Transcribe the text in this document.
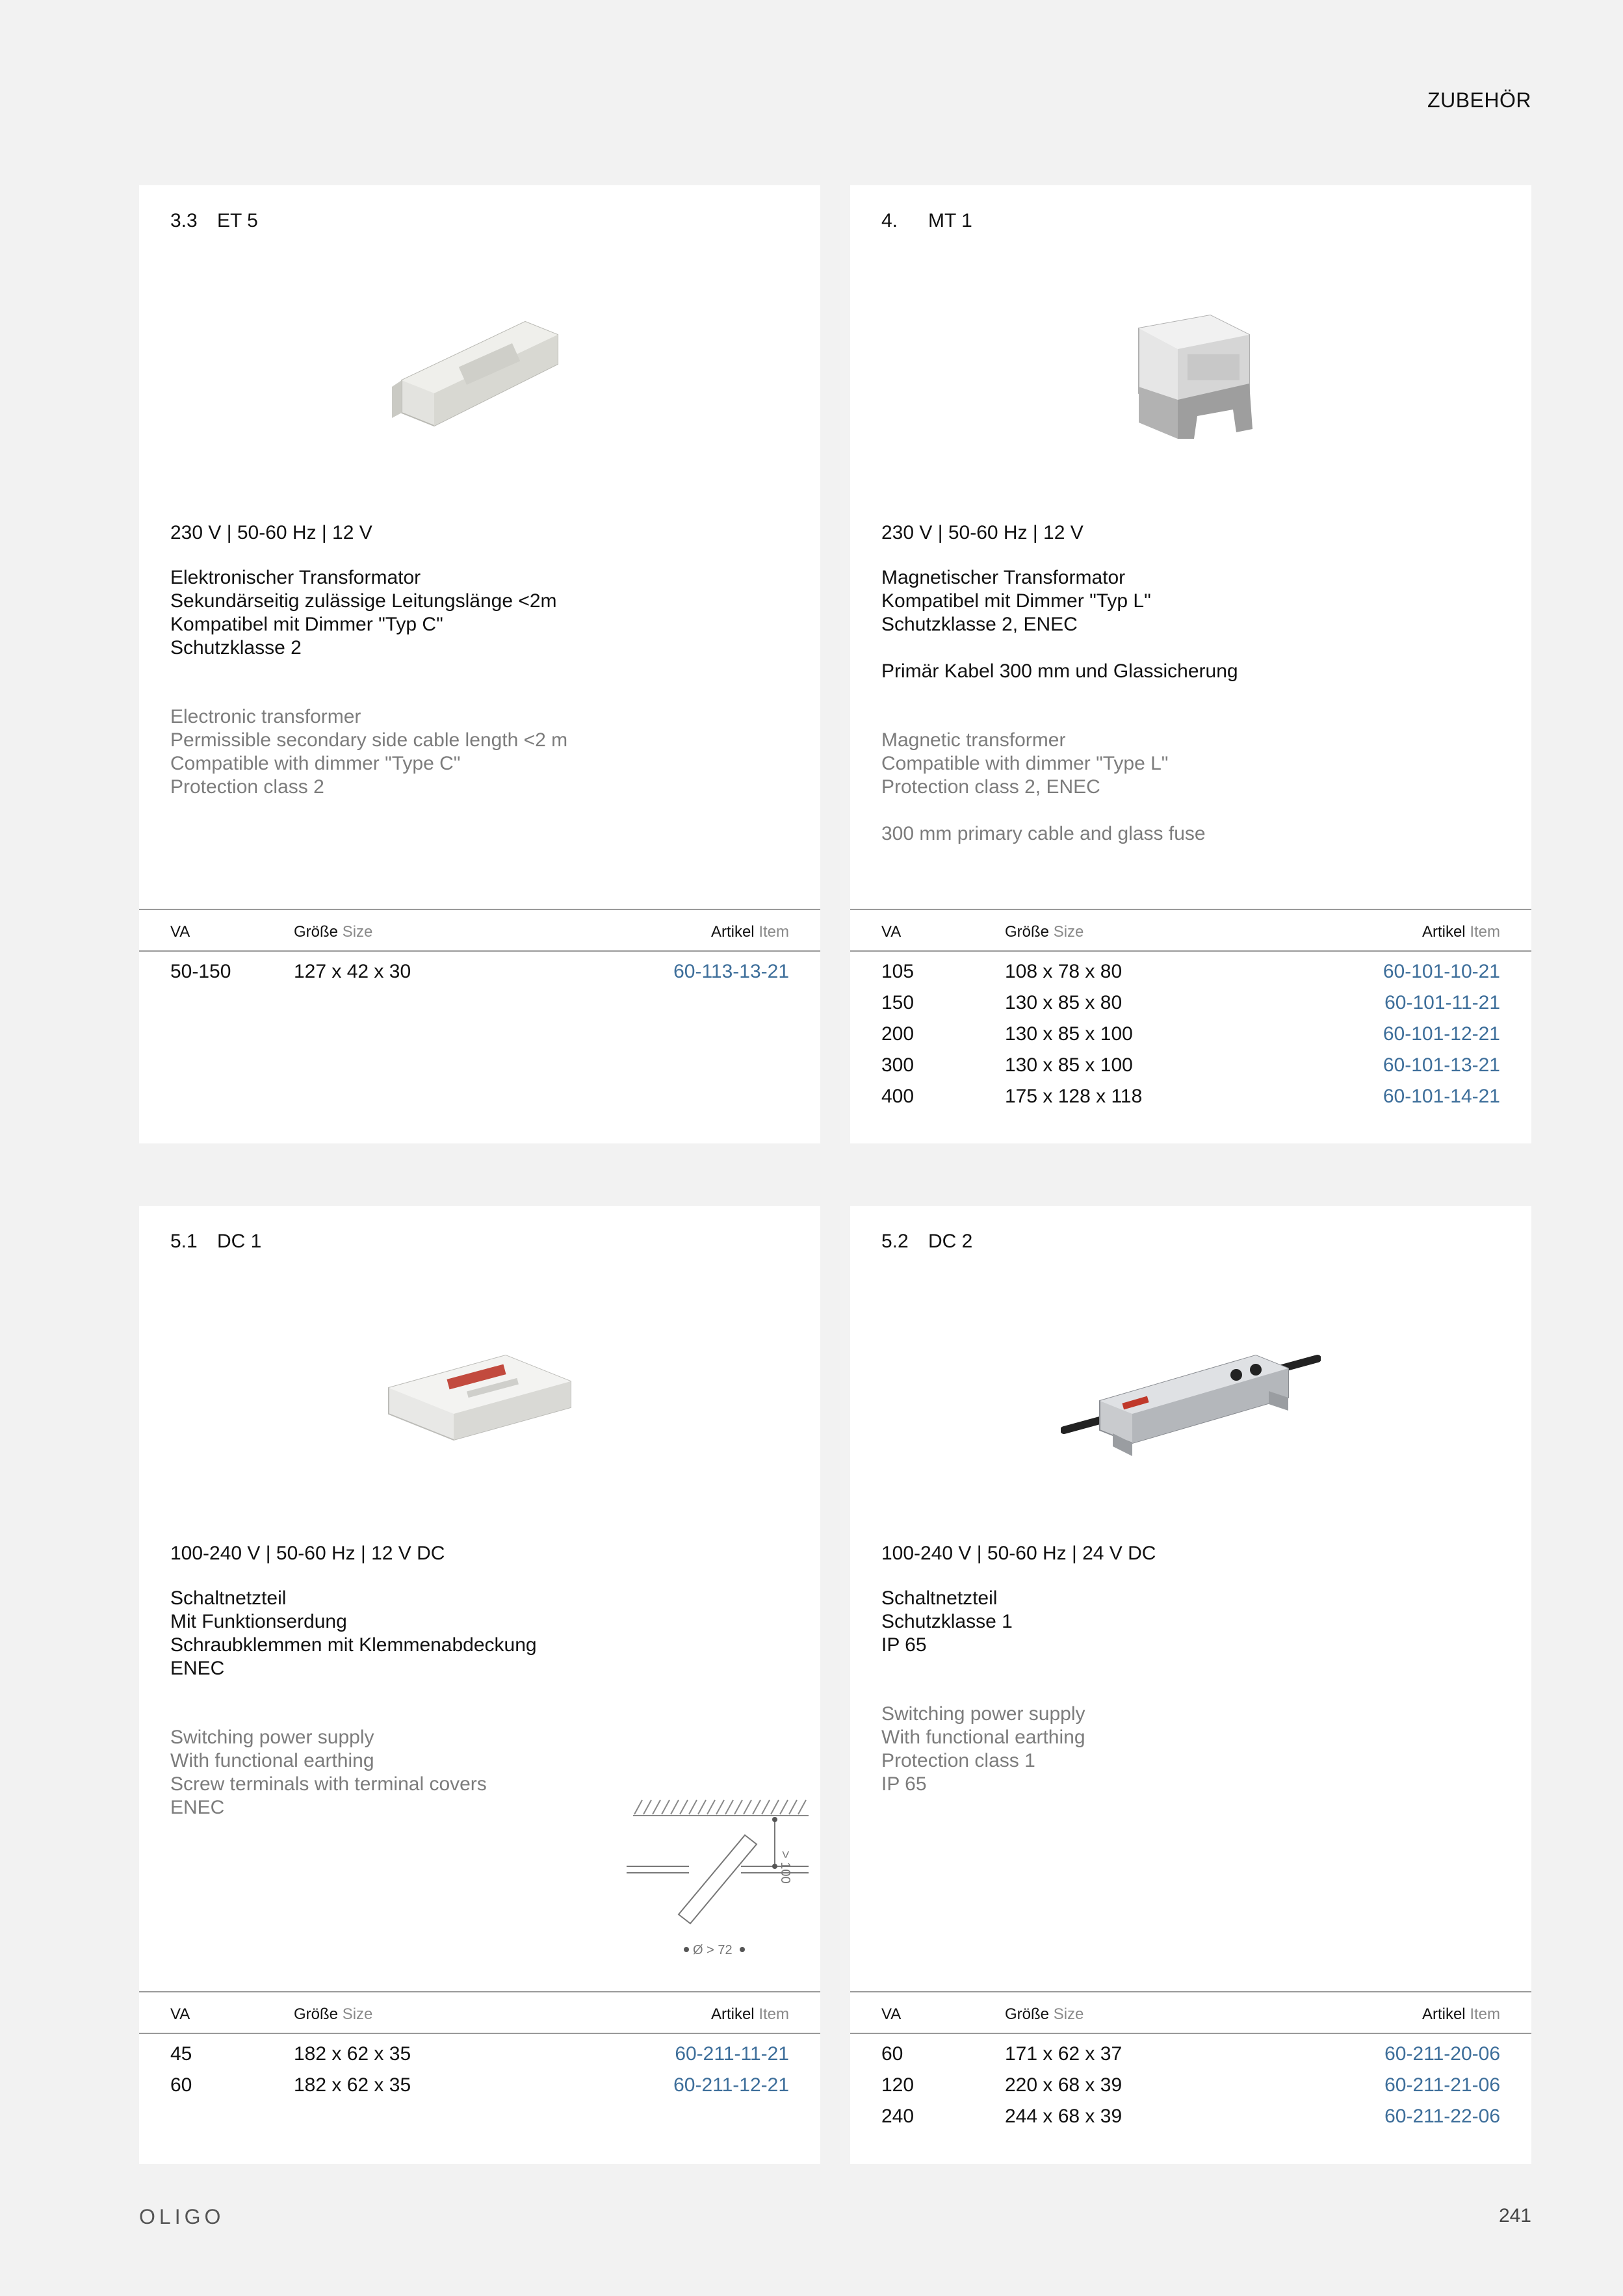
ZUBEHÖR
3.3 ET 5
230 V | 50-60 Hz | 12 V
Elektronischer Transformator
Sekundärseitig zulässige Leitungslänge <2m
Kompatibel mit Dimmer "Typ C"
Schutzklasse 2
Electronic transformer
Permissible secondary side cable length <2 m
Compatible with dimmer "Type C"
Protection class 2
VA	Größe Size	Artikel Item
50-150	127 x 42 x 30	60-113-13-21
4. MT 1
230 V | 50-60 Hz | 12 V
Magnetischer Transformator
Kompatibel mit Dimmer "Typ L"
Schutzklasse 2, ENEC
Primär Kabel 300 mm und Glassicherung
Magnetic transformer
Compatible with dimmer "Type L"
Protection class 2, ENEC
300 mm primary cable and glass fuse
VA	Größe Size	Artikel Item
105	108 x 78 x 80	60-101-10-21
150	130 x 85 x 80	60-101-11-21
200	130 x 85 x 100	60-101-12-21
300	130 x 85 x 100	60-101-13-21
400	175 x 128 x 118	60-101-14-21
5.1 DC 1
100-240 V | 50-60 Hz | 12 V DC
Schaltnetzteil
Mit Funktionserdung
Schraubklemmen mit Klemmenabdeckung
ENEC
Switching power supply
With functional earthing
Screw terminals with terminal covers
ENEC
> 100
Ø > 72
VA	Größe Size	Artikel Item
45	182 x 62 x 35	60-211-11-21
60	182 x 62 x 35	60-211-12-21
5.2 DC 2
100-240 V | 50-60 Hz | 24 V DC
Schaltnetzteil
Schutzklasse 1
IP 65
Switching power supply
With functional earthing
Protection class 1
IP 65
VA	Größe Size	Artikel Item
60	171 x 62 x 37	60-211-20-06
120	220 x 68 x 39	60-211-21-06
240	244 x 68 x 39	60-211-22-06
OLIGO	241
